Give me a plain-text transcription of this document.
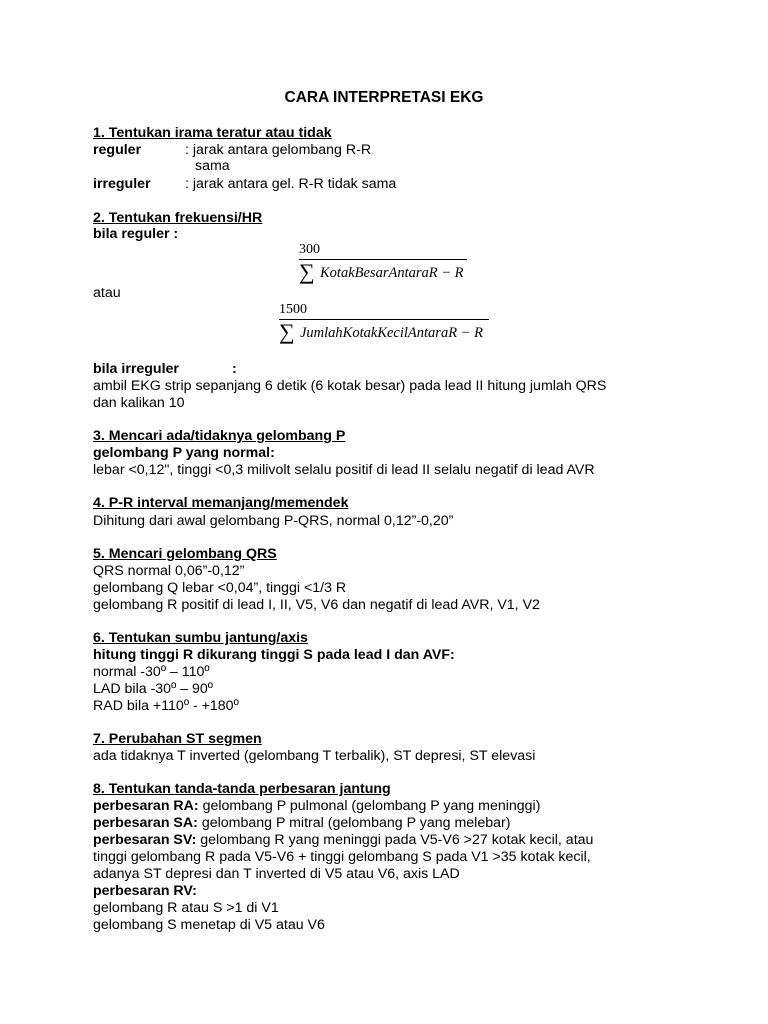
CARA INTERPRETASI EKG
1. Tentukan irama teratur atau tidak
reguler	: jarak antara gelombang R-R
sama
irreguler : jarak antara gel. R-R tidak sama
2. Tentukan frekuensi/HR
bila reguler :
300
∑ KotakBesarAntaraR − R
atau
1500
∑ JumlahKotakKecilAntaraR − R
bila irreguler	:
ambil EKG strip sepanjang 6 detik (6 kotak besar) pada lead II hitung jumlah QRS
dan kalikan 10
3. Mencari ada/tidaknya gelombang P
gelombang P yang normal:
lebar <0,12", tinggi <0,3 milivolt selalu positif di lead II selalu negatif di lead AVR
4. P-R interval memanjang/memendek
Dihitung dari awal gelombang P-QRS, normal 0,12”-0,20”
5. Mencari gelombang QRS
QRS normal 0,06”-0,12”
gelombang Q lebar <0,04”, tinggi <1/3 R
gelombang R positif di lead I, II, V5, V6 dan negatif di lead AVR, V1, V2
6. Tentukan sumbu jantung/axis
hitung tinggi R dikurang tinggi S pada lead I dan AVF:
normal -30º – 110º
LAD bila -30º – 90º
RAD bila +110º - +180º
7. Perubahan ST segmen
ada tidaknya T inverted (gelombang T terbalik), ST depresi, ST elevasi
8. Tentukan tanda-tanda perbesaran jantung
perbesaran RA: gelombang P pulmonal (gelombang P yang meninggi)
perbesaran SA: gelombang P mitral (gelombang P yang melebar)
perbesaran SV: gelombang R yang meninggi pada V5-V6 >27 kotak kecil, atau
tinggi gelombang R pada V5-V6 + tinggi gelombang S pada V1 >35 kotak kecil,
adanya ST depresi dan T inverted di V5 atau V6, axis LAD
perbesaran RV:
gelombang R atau S >1 di V1
gelombang S menetap di V5 atau V6
